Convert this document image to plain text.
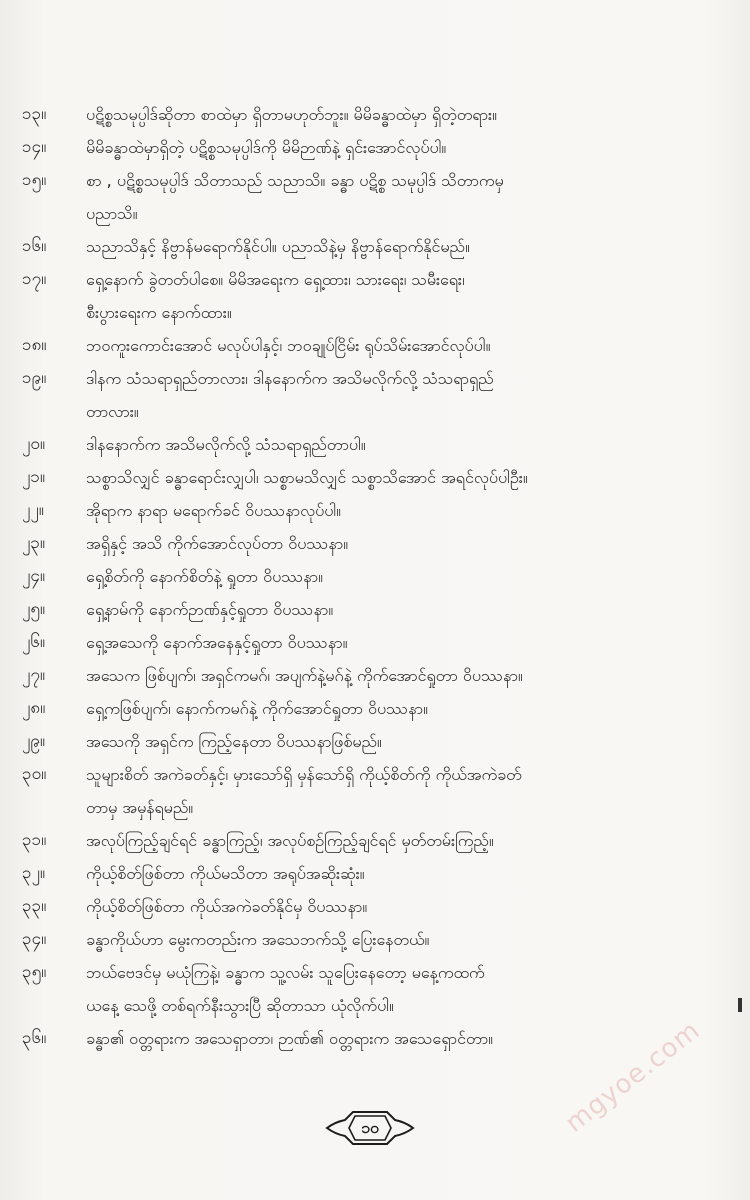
၁၃။	ပဋိစ္စသမုပ္ပါဒ်ဆိုတာ စာထဲမှာ ရှိတာမဟုတ်ဘူး။ မိမိခန္ဓာထဲမှာ ရှိတဲ့တရား။
၁၄။	မိမိခန္ဓာထဲမှာရှိတဲ့ ပဋိစ္စသမုပ္ပါဒ်ကို မိမိဉာဏ်နဲ့ ရှင်းအောင်လုပ်ပါ။
၁၅။	စာ , ပဋိစ္စသမုပ္ပါဒ် သိတာသည် သညာသိ။ ခန္ဓာ ပဋိစ္စ သမုပ္ပါဒ် သိတာကမှ
ပညာသိ။
၁၆။	သညာသိနှင့် နိဗ္ဗာန်မရောက်နိုင်ပါ။ ပညာသိနဲ့မှ နိဗ္ဗာန်ရောက်နိုင်မည်။
၁၇။	ရှေ့နောက် ခွဲတတ်ပါစေ။ မိမိအရေးက ရှေ့ထား၊ သားရေး၊ သမီးရေး၊
စီးပွားရေးက နောက်ထား။
၁၈။	ဘဝကူးကောင်းအောင် မလုပ်ပါနှင့်၊ ဘဝချုပ်ငြိမ်း ရုပ်သိမ်းအောင်လုပ်ပါ။
၁၉။	ဒါနက သံသရာရှည်တာလား၊ ဒါနနောက်က အသိမလိုက်လို့ သံသရာရှည်
တာလား။
၂၀။	ဒါနနောက်က အသိမလိုက်လို့ သံသရာရှည်တာပါ။
၂၁။	သစ္စာသိလျှင် ခန္ဓာရောင်းလျှပါ၊ သစ္စာမသိလျှင် သစ္စာသိအောင် အရင်လုပ်ပါဦး။
၂၂။	အိုရာက နာရာ မရောက်ခင် ဝိပဿနာလုပ်ပါ။
၂၃။	အရှိနှင့် အသိ ကိုက်အောင်လုပ်တာ ဝိပဿနာ။
၂၄။	ရှေ့စိတ်ကို နောက်စိတ်နဲ့ ရှုတာ ဝိပဿနာ။
၂၅။	ရှေ့နာမ်ကို နောက်ဉာဏ်နှင့်ရှုတာ ဝိပဿနာ။
၂၆။	ရှေ့အသေကို နောက်အနေနှင့်ရှုတာ ဝိပဿနာ။
၂၇။	အသေက ဖြစ်ပျက်၊ အရှင်ကမဂ်၊ အပျက်နဲ့မဂ်နဲ့ ကိုက်အောင်ရှုတာ ဝိပဿနာ။
၂၈။	ရှေ့ကဖြစ်ပျက်၊ နောက်ကမဂ်နဲ့ ကိုက်အောင်ရှုတာ ဝိပဿနာ။
၂၉။	အသေကို အရှင်က ကြည့်နေတာ ဝိပဿနာဖြစ်မည်။
၃၀။	သူများစိတ် အကဲခတ်နှင့်၊ မှားသော်ရှိ မှန်သော်ရှိ ကိုယ့်စိတ်ကို ကိုယ်အကဲခတ်
တာမှ အမှန်ရမည်။
၃၁။	အလုပ်ကြည့်ချင်ရင် ခန္ဓာကြည့်၊ အလုပ်စဉ်ကြည့်ချင်ရင် မှတ်တမ်းကြည့်။
၃၂။	ကိုယ့်စိတ်ဖြစ်တာ ကိုယ်မသိတာ အရုပ်အဆိုးဆုံး။
၃၃။	ကိုယ့်စိတ်ဖြစ်တာ ကိုယ်အကဲခတ်နိုင်မှ ဝိပဿနာ။
၃၄။	ခန္ဓာကိုယ်ဟာ မွေးကတည်းက အသေဘက်သို့ ပြေးနေတယ်။
၃၅။	ဘယ်ဗေဒင်မှ မယုံကြနဲ့၊ ခန္ဓာက သူ့လမ်း သူပြေးနေတော့ မနေ့ကထက်
ယနေ့ သေဖို့ တစ်ရက်နီးသွားပြီ ဆိုတာသာ ယုံလိုက်ပါ။
၃၆။	ခန္ဓာ၏ ဝတ္တရားက အသေရှာတာ၊ ဉာဏ်၏ ဝတ္တရားက အသေရှောင်တာ။
၁၀	mgyoe.com
